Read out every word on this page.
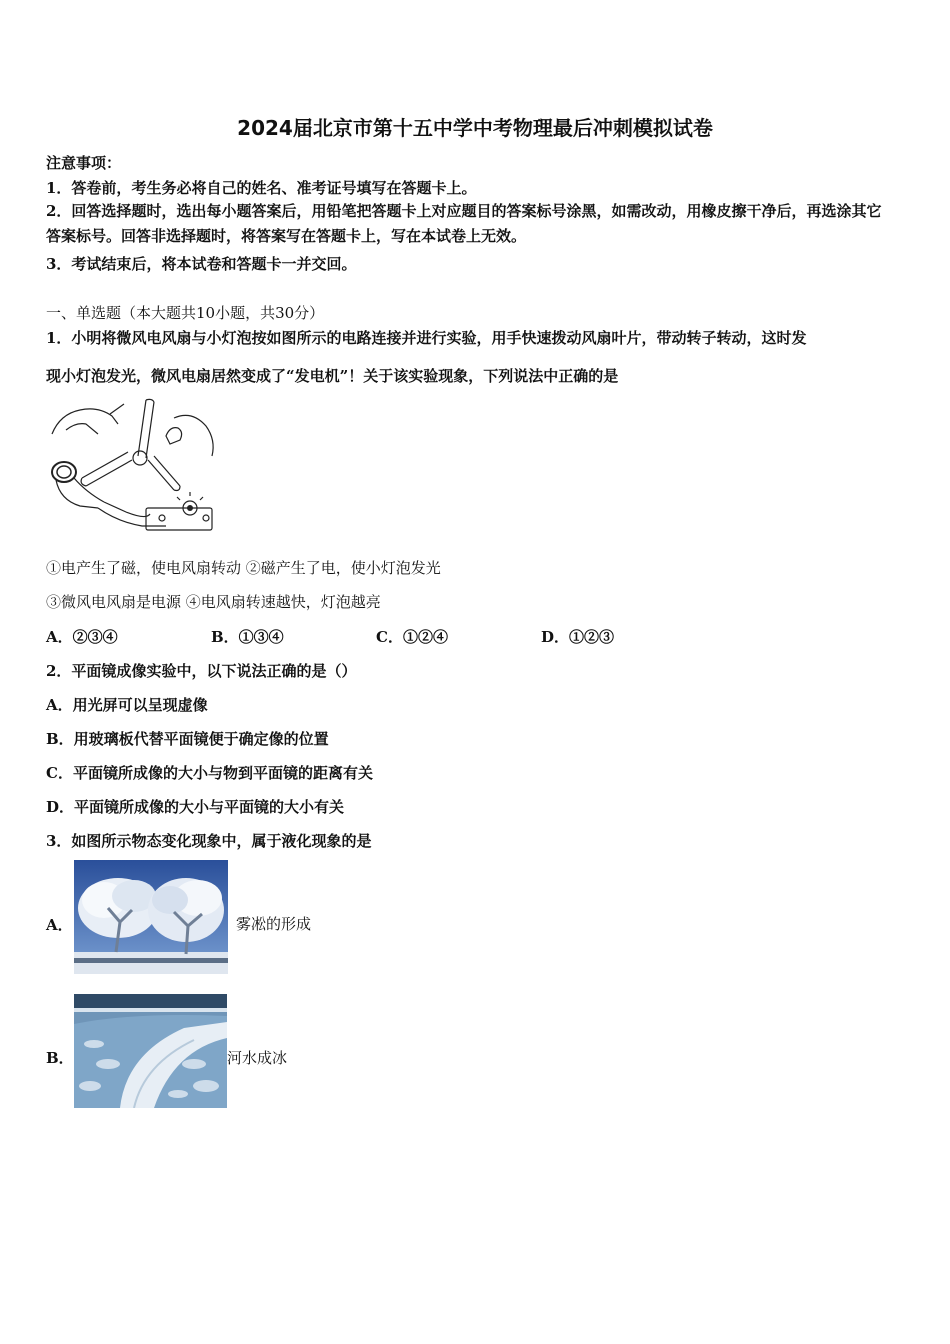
2024届北京市第十五中学中考物理最后冲刺模拟试卷
注意事项：
1．答卷前，考生务必将自己的姓名、准考证号填写在答题卡上。
2．回答选择题时，选出每小题答案后，用铅笔把答题卡上对应题目的答案标号涂黑，如需改动，用橡皮擦干净后，再选涂其它答案标号。回答非选择题时，将答案写在答题卡上，写在本试卷上无效。
3．考试结束后，将本试卷和答题卡一并交回。
一、单选题（本大题共10小题，共30分）
1．小明将微风电风扇与小灯泡按如图所示的电路连接并进行实验，用手快速拨动风扇叶片，带动转子转动，这时发
现小灯泡发光，微风电扇居然变成了“发电机”！关于该实验现象，下列说法中正确的是
①电产生了磁，使电风扇转动 ②磁产生了电，使小灯泡发光
③微风电风扇是电源 ④电风扇转速越快，灯泡越亮
A．②③④	B．①③④	C．①②④	D．①②③
2．平面镜成像实验中，以下说法正确的是（）
A．用光屏可以呈现虚像
B．用玻璃板代替平面镜便于确定像的位置
C．平面镜所成像的大小与物到平面镜的距离有关
D．平面镜所成像的大小与平面镜的大小有关
3．如图所示物态变化现象中，属于液化现象的是
A．	雾凇的形成
B．	河水成冰
